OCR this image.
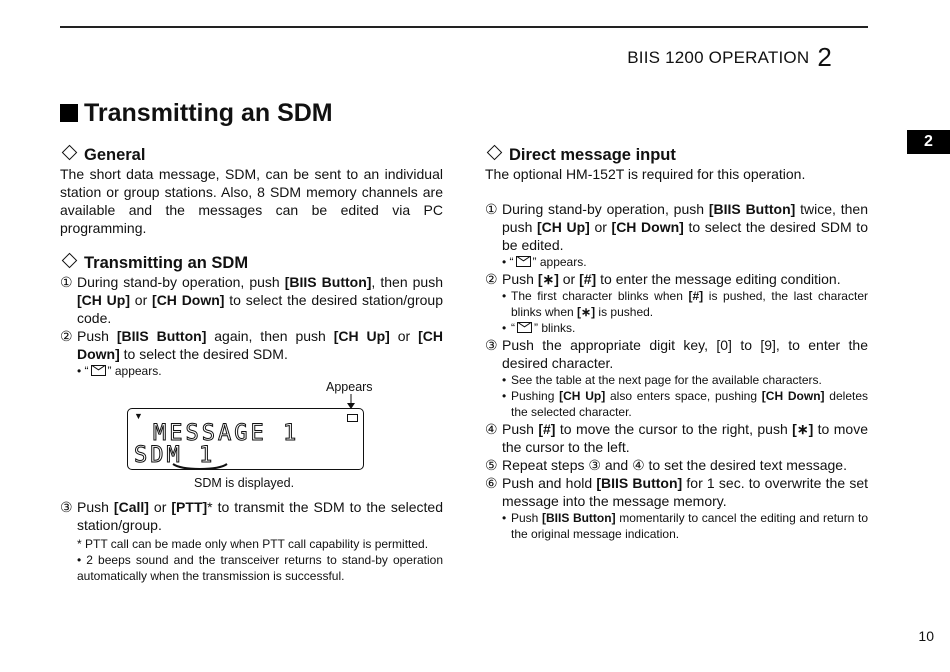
BIIS 1200 OPERATION 2
2
Transmitting an SDM
General
The short data message, SDM, can be sent to an individual station or group stations. Also, 8 SDM memory channels are available and the messages can be edited via PC programming.
Transmitting an SDM
① During stand-by operation, push [BIIS Button], then push [CH Up] or [CH Down] to select the desired station/group code.
② Push [BIIS Button] again, then push [CH Up] or [CH Down] to select the desired SDM.
• “ ” appears.
Appears
▼
MESSAGE 1
SDM 1
SDM is displayed.
③ Push [Call] or [PTT]* to transmit the SDM to the selected station/group.
* PTT call can be made only when PTT call capability is permitted.
• 2 beeps sound and the transceiver returns to stand-by operation automatically when the transmission is successful.
Direct message input
The optional HM-152T is required for this operation.
① During stand-by operation, push [BIIS Button] twice, then push [CH Up] or [CH Down] to select the desired SDM to be edited.
• “ ” appears.
② Push [∗] or [#] to enter the message editing condition.
• The first character blinks when [#] is pushed, the last character blinks when [∗] is pushed.
• “ ” blinks.
③ Push the appropriate digit key, [0] to [9], to enter the desired character.
• See the table at the next page for the available characters.
• Pushing [CH Up] also enters space, pushing [CH Down] deletes the selected character.
④ Push [#] to move the cursor to the right, push [∗] to move the cursor to the left.
⑤ Repeat steps ③ and ④ to set the desired text message.
⑥ Push and hold [BIIS Button] for 1 sec. to overwrite the set message into the message memory.
• Push [BIIS Button] momentarily to cancel the editing and return to the original message indication.
10
